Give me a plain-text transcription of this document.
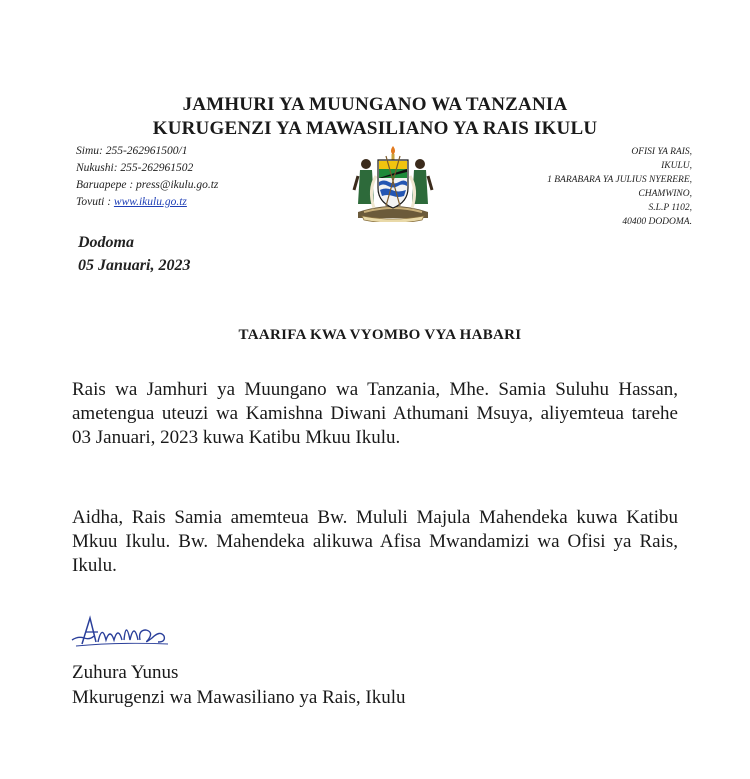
JAMHURI YA MUUNGANO WA TANZANIA
KURUGENZI YA MAWASILIANO YA RAIS IKULU
Simu: 255-262961500/1
Nukushi: 255-262961502
Baruapepe : press@ikulu.go.tz
Tovuti : www.ikulu.go.tz
OFISI YA RAIS,
IKULU,
1 BARABARA YA JULIUS NYERERE,
CHAMWINO,
S.L.P 1102,
40400 DODOMA.
Dodoma
05 Januari, 2023
TAARIFA KWA VYOMBO VYA HABARI
Rais wa Jamhuri ya Muungano wa Tanzania, Mhe. Samia Suluhu Hassan, ametengua uteuzi wa Kamishna Diwani Athumani Msuya, aliyemteua tarehe 03 Januari, 2023 kuwa Katibu Mkuu Ikulu.
Aidha, Rais Samia amemteua Bw. Mululi Majula Mahendeka kuwa Katibu Mkuu Ikulu. Bw. Mahendeka alikuwa Afisa Mwandamizi wa Ofisi ya Rais, Ikulu.
Zuhura Yunus
Mkurugenzi wa Mawasiliano ya Rais, Ikulu
